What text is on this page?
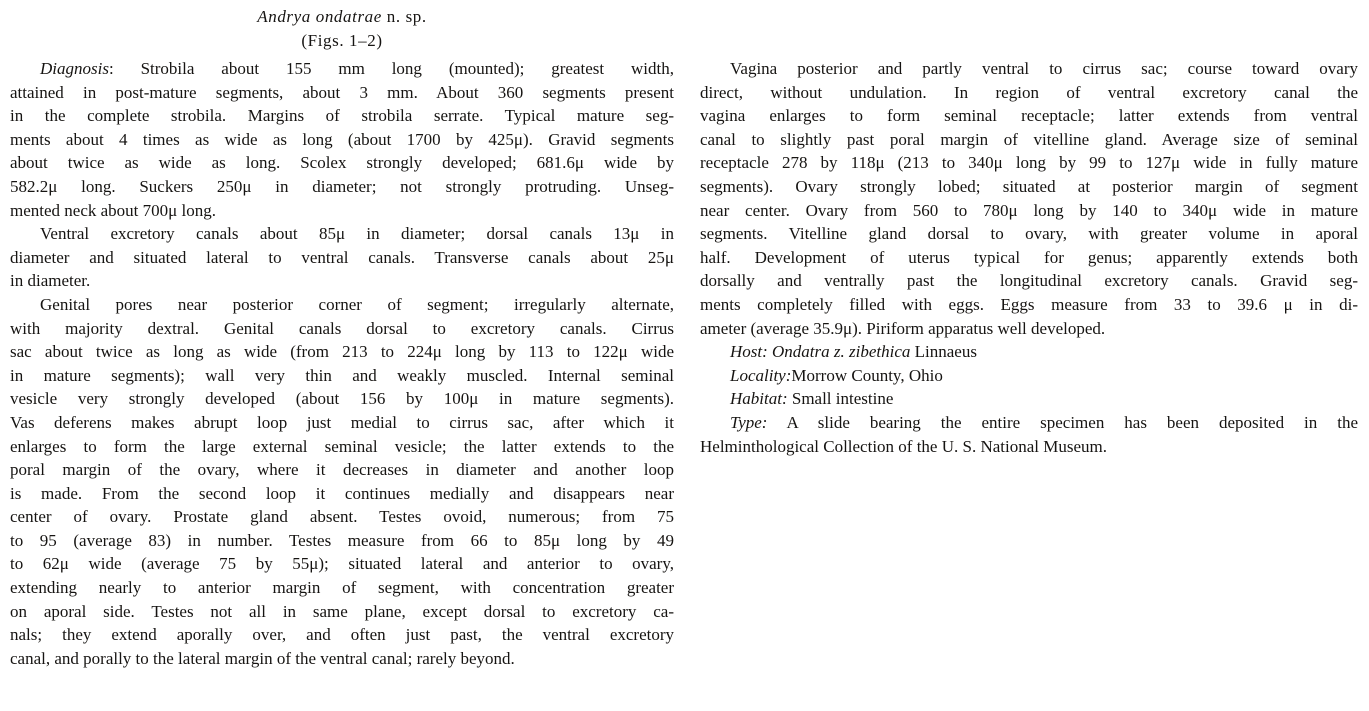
Andrya ondatrae n. sp.
(Figs. 1–2)
Diagnosis: Strobila about 155 mm long (mounted); greatest width,
attained in post-mature segments, about 3 mm. About 360 segments present
in the complete strobila. Margins of strobila serrate. Typical mature seg-
ments about 4 times as wide as long (about 1700 by 425μ). Gravid segments
about twice as wide as long. Scolex strongly developed; 681.6μ wide by
582.2μ long. Suckers 250μ in diameter; not strongly protruding. Unseg-
mented neck about 700μ long.
Ventral excretory canals about 85μ in diameter; dorsal canals 13μ in
diameter and situated lateral to ventral canals. Transverse canals about 25μ
in diameter.
Genital pores near posterior corner of segment; irregularly alternate,
with majority dextral. Genital canals dorsal to excretory canals. Cirrus
sac about twice as long as wide (from 213 to 224μ long by 113 to 122μ wide
in mature segments); wall very thin and weakly muscled. Internal seminal
vesicle very strongly developed (about 156 by 100μ in mature segments).
Vas deferens makes abrupt loop just medial to cirrus sac, after which it
enlarges to form the large external seminal vesicle; the latter extends to the
poral margin of the ovary, where it decreases in diameter and another loop
is made. From the second loop it continues medially and disappears near
center of ovary. Prostate gland absent. Testes ovoid, numerous; from 75
to 95 (average 83) in number. Testes measure from 66 to 85μ long by 49
to 62μ wide (average 75 by 55μ); situated lateral and anterior to ovary,
extending nearly to anterior margin of segment, with concentration greater
on aporal side. Testes not all in same plane, except dorsal to excretory ca-
nals; they extend aporally over, and often just past, the ventral excretory
canal, and porally to the lateral margin of the ventral canal; rarely beyond.
Vagina posterior and partly ventral to cirrus sac; course toward ovary
direct, without undulation. In region of ventral excretory canal the
vagina enlarges to form seminal receptacle; latter extends from ventral
canal to slightly past poral margin of vitelline gland. Average size of seminal
receptacle 278 by 118μ (213 to 340μ long by 99 to 127μ wide in fully mature
segments). Ovary strongly lobed; situated at posterior margin of segment
near center. Ovary from 560 to 780μ long by 140 to 340μ wide in mature
segments. Vitelline gland dorsal to ovary, with greater volume in aporal
half. Development of uterus typical for genus; apparently extends both
dorsally and ventrally past the longitudinal excretory canals. Gravid seg-
ments completely filled with eggs. Eggs measure from 33 to 39.6 μ in di-
ameter (average 35.9μ). Piriform apparatus well developed.
Host: Ondatra z. zibethica Linnaeus
Locality:Morrow County, Ohio
Habitat: Small intestine
Type: A slide bearing the entire specimen has been deposited in the
Helminthological Collection of the U. S. National Museum.
